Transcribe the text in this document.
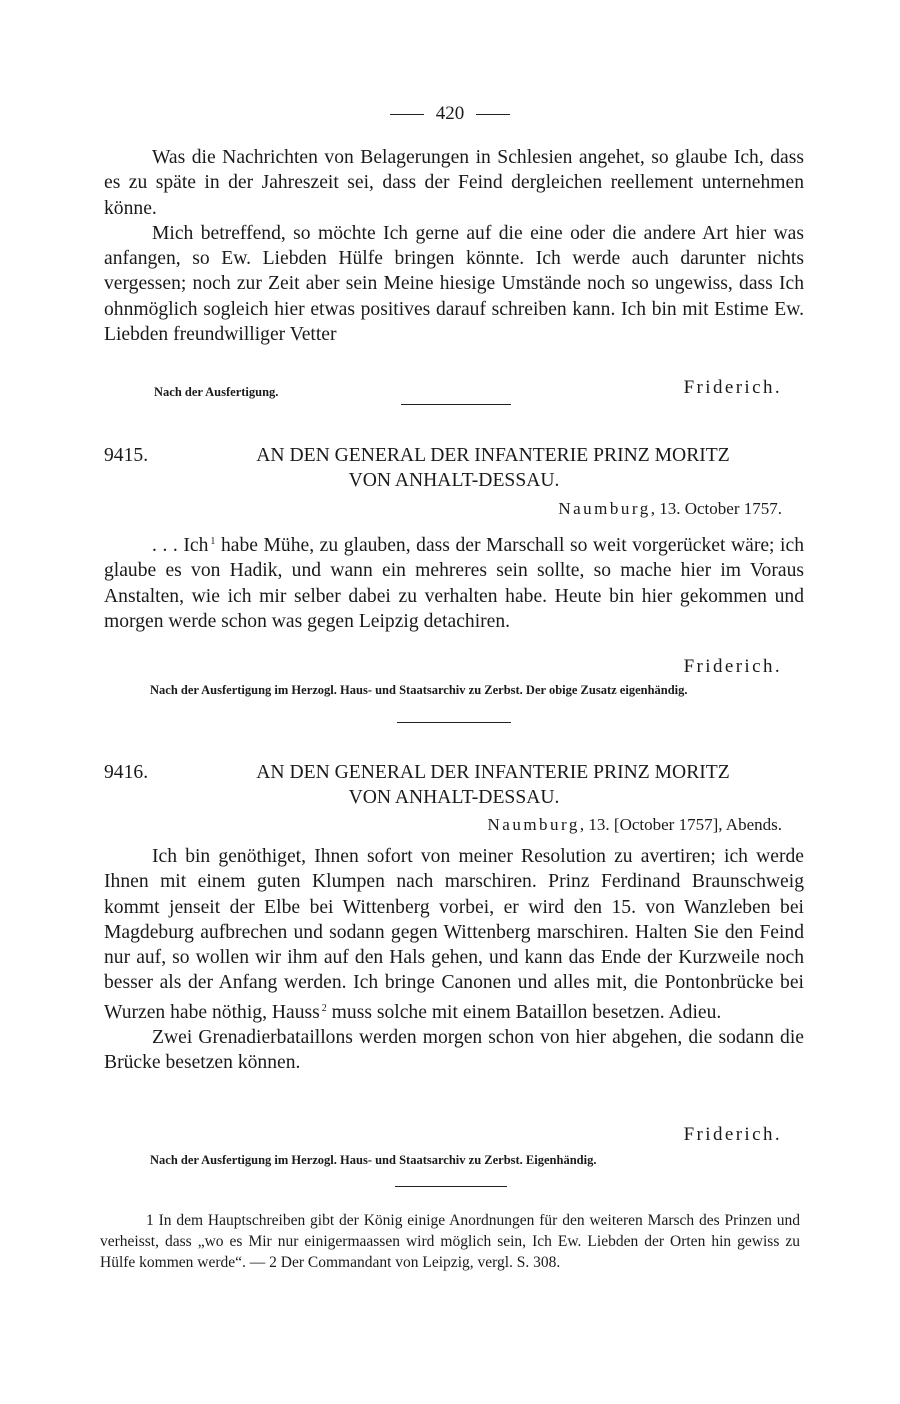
420

Was die Nachrichten von Belagerungen in Schlesien angehet, so glaube Ich, dass es zu späte in der Jahreszeit sei, dass der Feind dergleichen reellement unternehmen könne.

Mich betreffend, so möchte Ich gerne auf die eine oder die andere Art hier was anfangen, so Ew. Liebden Hülfe bringen könnte. Ich werde auch darunter nichts vergessen; noch zur Zeit aber sein Meine hiesige Umstände noch so ungewiss, dass Ich ohnmöglich sogleich hier etwas positives darauf schreiben kann. Ich bin mit Estime Ew. Liebden freundwilliger Vetter

Nach der Ausfertigung.	Friderich.

9415.	AN DEN GENERAL DER INFANTERIE PRINZ MORITZ

VON ANHALT-DESSAU.

Naumburg, 13. October 1757.

. . . Ich $^1$ habe Mühe, zu glauben, dass der Marschall so weit vorgerücket wäre; ich glaube es von Hadik, und wann ein mehreres sein sollte, so mache hier im Voraus Anstalten, wie ich mir selber dabei zu verhalten habe. Heute bin hier gekommen und morgen werde schon was gegen Leipzig detachiren.

Friderich.

Nach der Ausfertigung im Herzogl. Haus- und Staatsarchiv zu Zerbst. Der obige Zusatz eigenhändig.

9416.	AN DEN GENERAL DER INFANTERIE PRINZ MORITZ

VON ANHALT-DESSAU.

Naumburg, 13. [October 1757], Abends.

Ich bin genöthiget, Ihnen sofort von meiner Resolution zu avertiren; ich werde Ihnen mit einem guten Klumpen nach marschiren. Prinz Ferdinand Braunschweig kommt jenseit der Elbe bei Wittenberg vorbei, er wird den 15. von Wanzleben bei Magdeburg aufbrechen und sodann gegen Wittenberg marschiren. Halten Sie den Feind nur auf, so wollen wir ihm auf den Hals gehen, und kann das Ende der Kurzweile noch besser als der Anfang werden. Ich bringe Canonen und alles mit, die Pontonbrücke bei Wurzen habe nöthig, Hauss $^2$ muss solche mit einem Bataillon besetzen. Adieu.

Zwei Grenadierbataillons werden morgen schon von hier abgehen, die sodann die Brücke besetzen können.

Friderich.

Nach der Ausfertigung im Herzogl. Haus- und Staatsarchiv zu Zerbst. Eigenhändig.

1 In dem Hauptschreiben gibt der König einige Anordnungen für den weiteren Marsch des Prinzen und verheisst, dass „wo es Mir nur einigermaassen wird möglich sein, Ich Ew. Liebden der Orten hin gewiss zu Hülfe kommen werde“. — 2 Der Commandant von Leipzig, vergl. S. 308.
